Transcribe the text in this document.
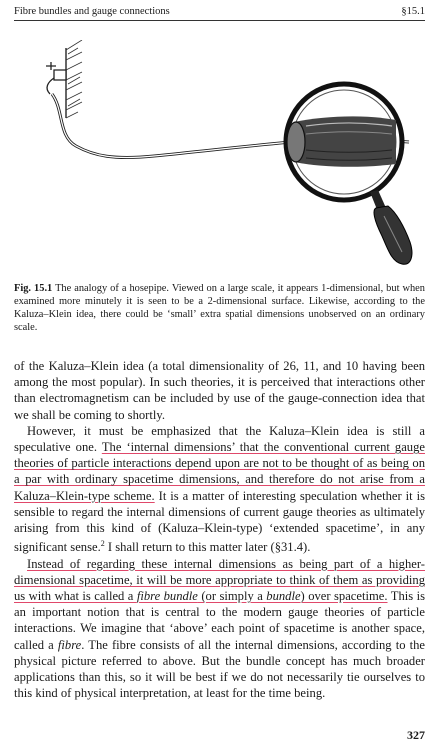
Fibre bundles and gauge connections	§15.1

Fig. 15.1 The analogy of a hosepipe. Viewed on a large scale, it appears 1-dimensional, but when examined more minutely it is seen to be a 2-dimensional surface. Likewise, according to the Kaluza–Klein idea, there could be ‘small’ extra spatial dimensions unobserved on an ordinary scale.

of the Kaluza–Klein idea (a total dimensionality of 26, 11, and 10 having been among the most popular). In such theories, it is perceived that interactions other than electromagnetism can be included by use of the gauge-connection idea that we shall be coming to shortly.

However, it must be emphasized that the Kaluza–Klein idea is still a speculative one. The ‘internal dimensions’ that the conventional current gauge theories of particle interactions depend upon are not to be thought of as being on a par with ordinary spacetime dimensions, and therefore do not arise from a Kaluza–Klein-type scheme. It is a matter of interesting speculation whether it is sensible to regard the internal dimensions of current gauge theories as ultimately arising from this kind of (Kaluza–Klein-type) ‘extended spacetime’, in any significant sense.$^2$ I shall return to this matter later (§31.4).

Instead of regarding these internal dimensions as being part of a higher-dimensional spacetime, it will be more appropriate to think of them as providing us with what is called a fibre bundle (or simply a bundle) over spacetime. This is an important notion that is central to the modern gauge theories of particle interactions. We imagine that ‘above’ each point of spacetime is another space, called a fibre. The fibre consists of all the internal dimensions, according to the physical picture referred to above. But the bundle concept has much broader applications than this, so it will be best if we do not necessarily tie ourselves to this kind of physical interpretation, at least for the time being.

327
